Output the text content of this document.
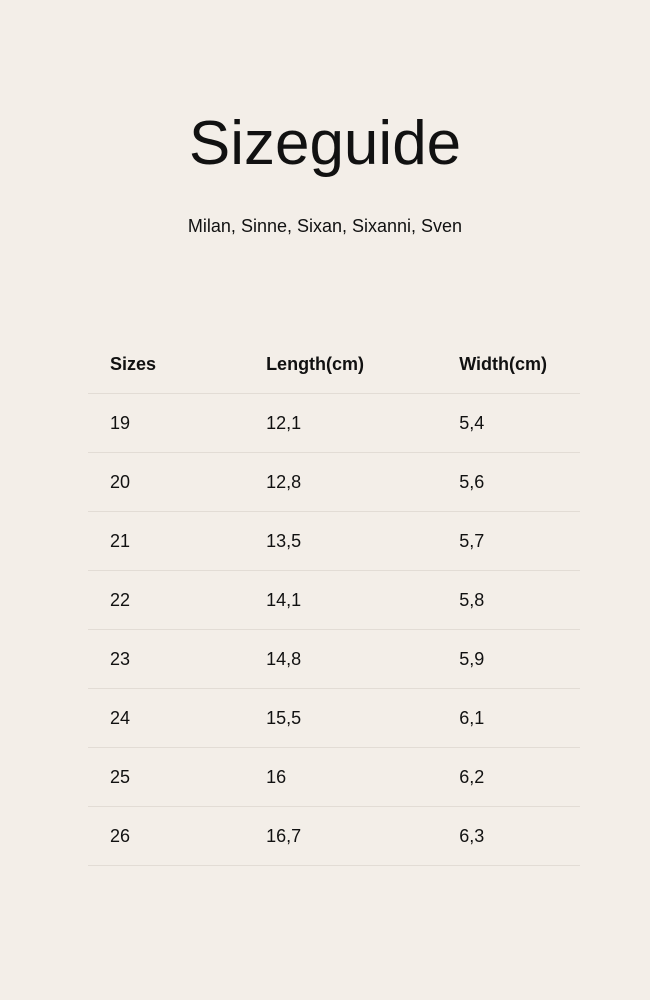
Sizeguide

Milan, Sinne, Sixan, Sixanni, Sven

Sizes	Length(cm)	Width(cm)
19	12,1	5,4
20	12,8	5,6
21	13,5	5,7
22	14,1	5,8
23	14,8	5,9
24	15,5	6,1
25	16	6,2
26	16,7	6,3
